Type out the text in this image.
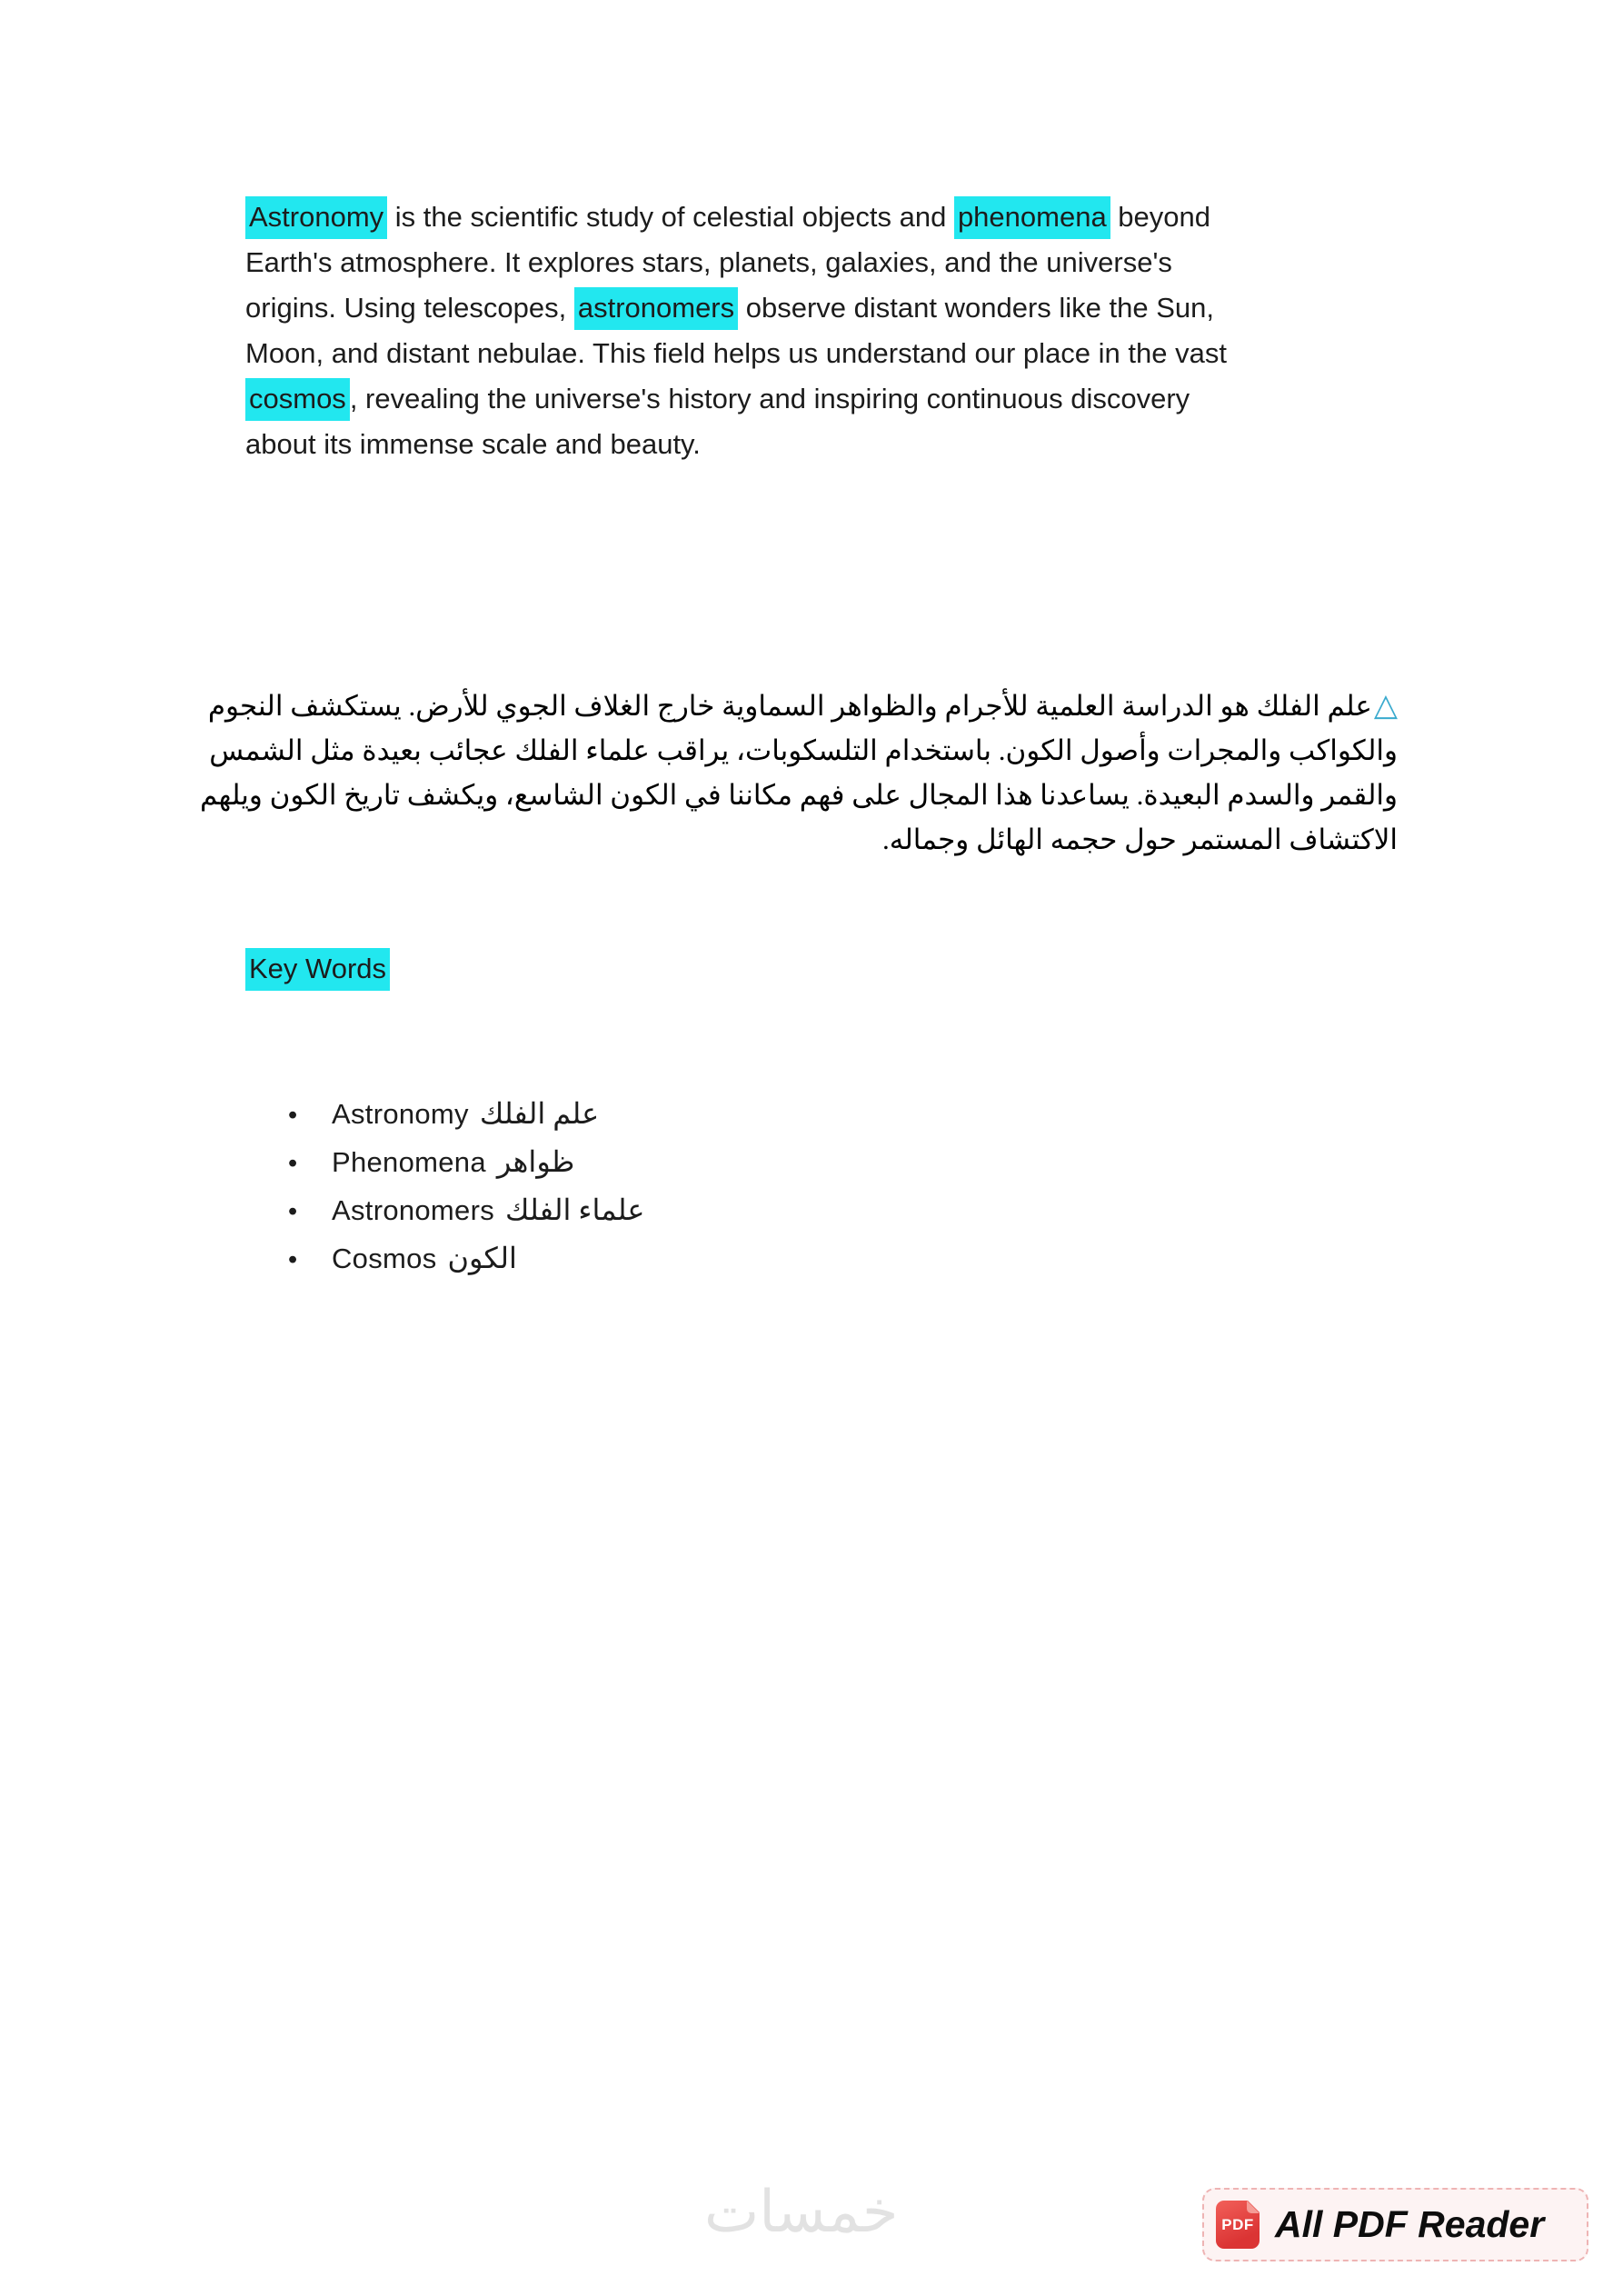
Astronomy is the scientific study of celestial objects and phenomena beyond
Earth's atmosphere. It explores stars, planets, galaxies, and the universe's
origins. Using telescopes, astronomers observe distant wonders like the Sun,
Moon, and distant nebulae. This field helps us understand our place in the vast
cosmos , revealing the universe's history and inspiring continuous discovery
about its immense scale and beauty.
△علم الفلك هو الدراسة العلمية للأجرام والظواهر السماوية خارج الغلاف الجوي للأرض. يستكشف النجوم
والكواكب والمجرات وأصول الكون. باستخدام التلسكوبات، يراقب علماء الفلك عجائب بعيدة مثل الشمس
والقمر والسدم البعيدة. يساعدنا هذا المجال على فهم مكاننا في الكون الشاسع، ويكشف تاريخ الكون ويلهم
الاكتشاف المستمر حول حجمه الهائل وجماله.
Key Words
•	Astronomy علم الفلك
•	Phenomena ظواهر
•	Astronomers علماء الفلك
•	Cosmos الكون
خمسات	PDF All PDF Reader
